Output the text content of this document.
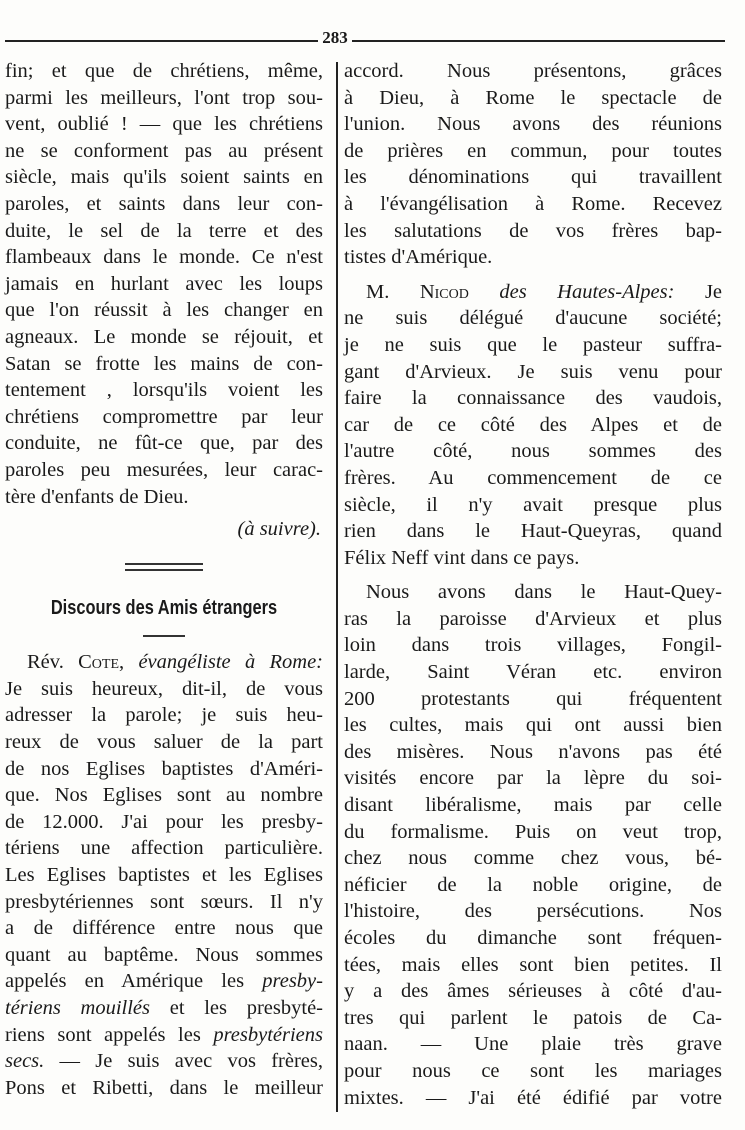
283
fin; et que de chrétiens, même,
parmi les meilleurs, l'ont trop sou-
vent, oublié ! — que les chrétiens
ne se conforment pas au présent
siècle, mais qu'ils soient saints en
paroles, et saints dans leur con-
duite, le sel de la terre et des
flambeaux dans le monde. Ce n'est
jamais en hurlant avec les loups
que l'on réussit à les changer en
agneaux. Le monde se réjouit, et
Satan se frotte les mains de con-
tentement , lorsqu'ils voient les
chrétiens compromettre par leur
conduite, ne fût-ce que, par des
paroles peu mesurées, leur carac-
tère d'enfants de Dieu.
(à suivre).
Discours des Amis étrangers
Rév. Cote, évangéliste à Rome:
Je suis heureux, dit-il, de vous
adresser la parole; je suis heu-
reux de vous saluer de la part
de nos Eglises baptistes d'Améri-
que. Nos Eglises sont au nombre
de 12.000. J'ai pour les presby-
tériens une affection particulière.
Les Eglises baptistes et les Eglises
presbytériennes sont sœurs. Il n'y
a de différence entre nous que
quant au baptême. Nous sommes
appelés en Amérique les presby-
tériens mouillés et les presbyté-
riens sont appelés les presbytériens
secs. — Je suis avec vos frères,
Pons et Ribetti, dans le meilleur
accord. Nous présentons, grâces
à Dieu, à Rome le spectacle de
l'union. Nous avons des réunions
de prières en commun, pour toutes
les dénominations qui travaillent
à l'évangélisation à Rome. Recevez
les salutations de vos frères bap-
tistes d'Amérique.
M. Nicod des Hautes-Alpes: Je
ne suis délégué d'aucune société;
je ne suis que le pasteur suffra-
gant d'Arvieux. Je suis venu pour
faire la connaissance des vaudois,
car de ce côté des Alpes et de
l'autre côté, nous sommes des
frères. Au commencement de ce
siècle, il n'y avait presque plus
rien dans le Haut-Queyras, quand
Félix Neff vint dans ce pays.
Nous avons dans le Haut-Quey-
ras la paroisse d'Arvieux et plus
loin dans trois villages, Fongil-
larde, Saint Véran etc. environ
200 protestants qui fréquentent
les cultes, mais qui ont aussi bien
des misères. Nous n'avons pas été
visités encore par la lèpre du soi-
disant libéralisme, mais par celle
du formalisme. Puis on veut trop,
chez nous comme chez vous, bé-
néficier de la noble origine, de
l'histoire, des persécutions. Nos
écoles du dimanche sont fréquen-
tées, mais elles sont bien petites. Il
y a des âmes sérieuses à côté d'au-
tres qui parlent le patois de Ca-
naan. — Une plaie très grave
pour nous ce sont les mariages
mixtes. — J'ai été édifié par votre
